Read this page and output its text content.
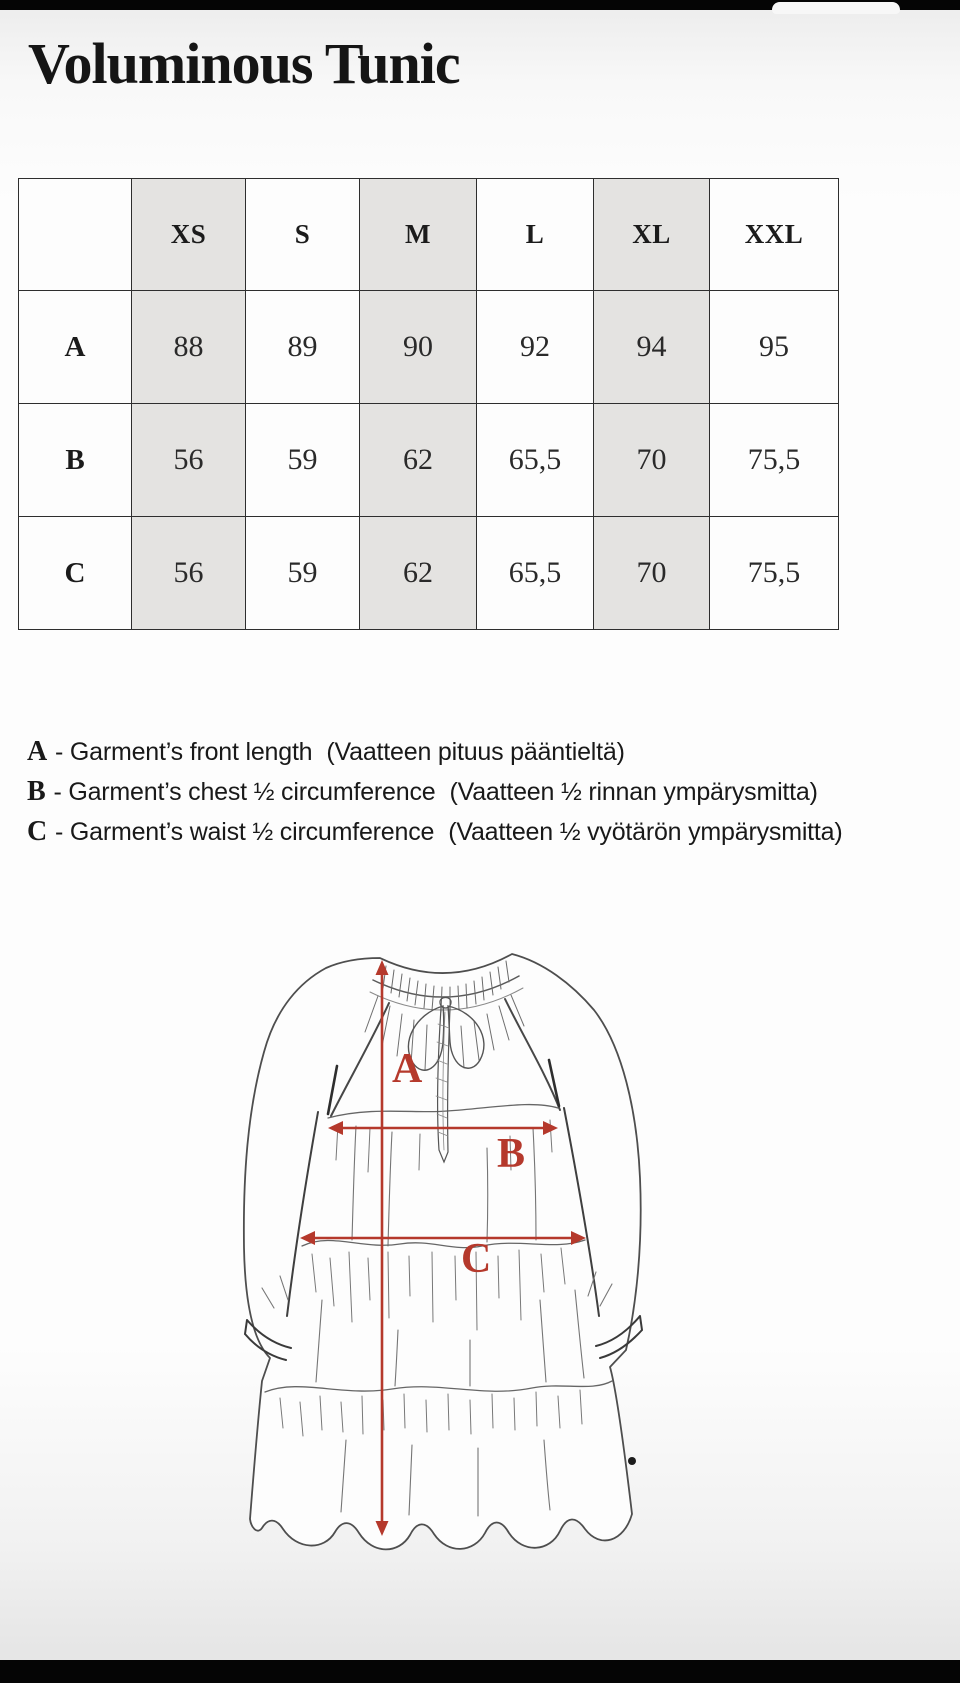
Voluminous Tunic
	XS	S	M	L	XL	XXL
A	88	89	90	92	94	95
B	56	59	62	65,5	70	75,5
C	56	59	62	65,5	70	75,5
A - Garment’s front length (Vaatteen pituus pääntieltä)
B - Garment’s chest ½ circumference (Vaatteen ½ rinnan ympärysmitta)
C - Garment’s waist ½ circumference (Vaatteen ½ vyötärön ympärysmitta)
A
B
C
